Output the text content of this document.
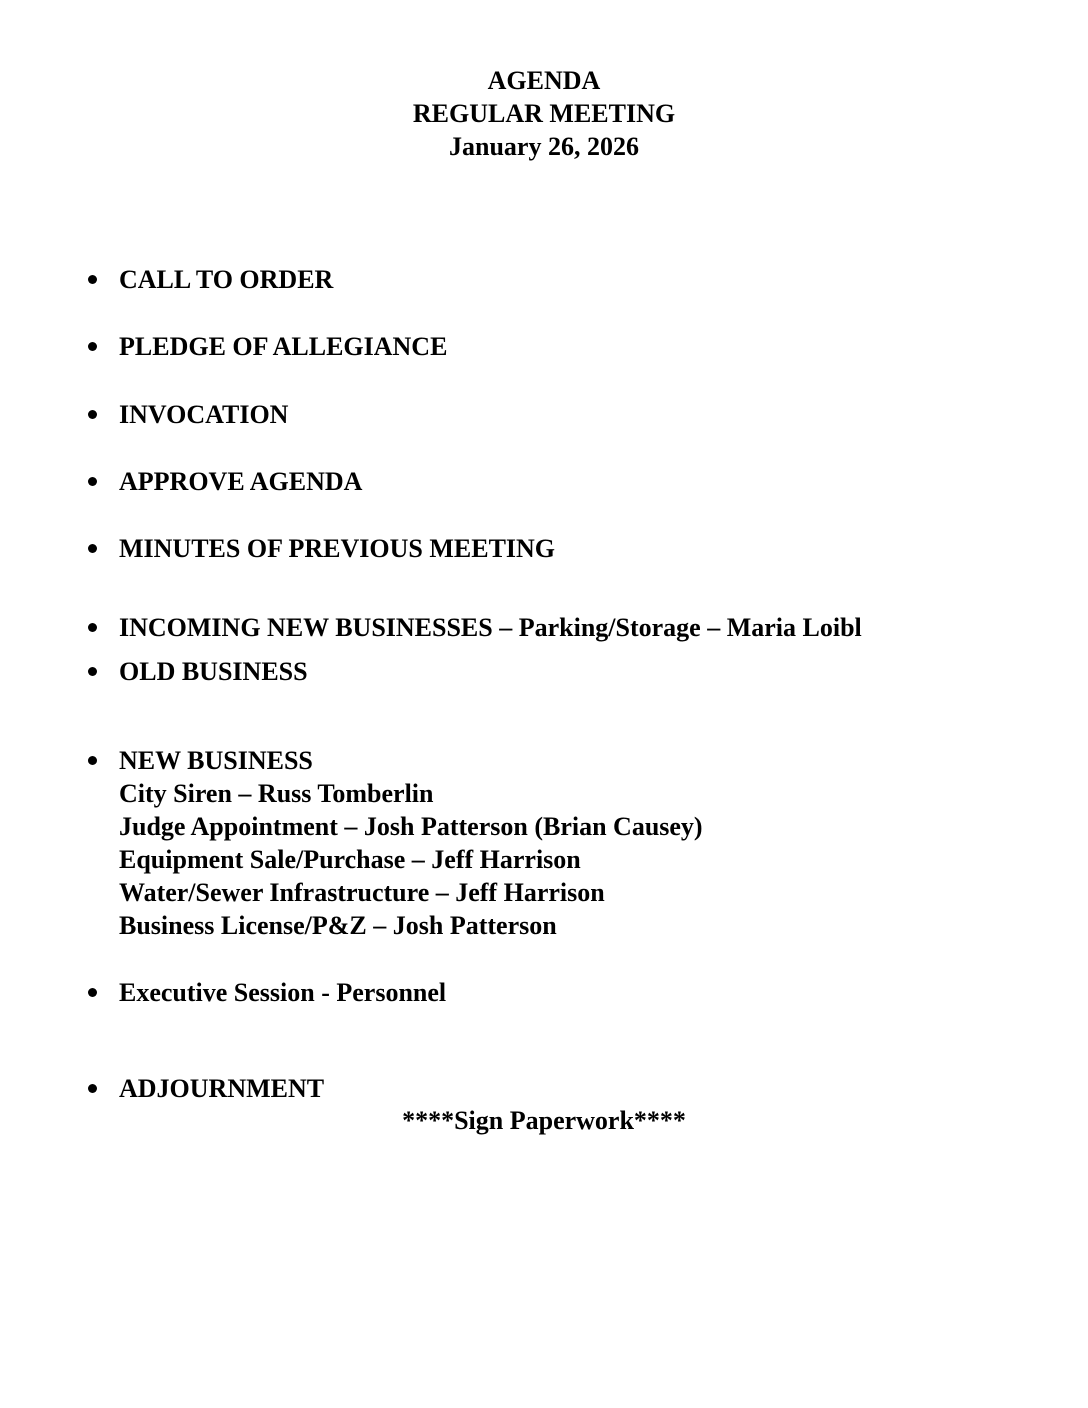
AGENDA
REGULAR MEETING
January 26, 2026
CALL TO ORDER
PLEDGE OF ALLEGIANCE
INVOCATION
APPROVE AGENDA
MINUTES OF PREVIOUS MEETING
INCOMING NEW BUSINESSES – Parking/Storage – Maria Loibl
OLD BUSINESS
NEW BUSINESS
City Siren – Russ Tomberlin
Judge Appointment – Josh Patterson (Brian Causey)
Equipment Sale/Purchase – Jeff Harrison
Water/Sewer Infrastructure – Jeff Harrison
Business License/P&Z – Josh Patterson
Executive Session - Personnel
ADJOURNMENT
****Sign Paperwork****
